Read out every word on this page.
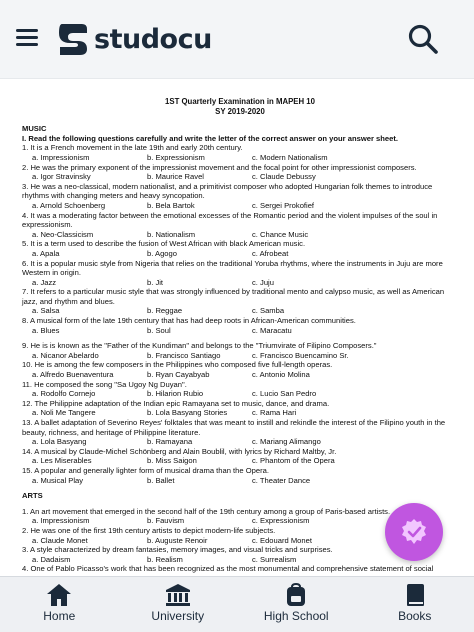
studocu
1ST Quarterly Examination in MAPEH 10
SY 2019-2020
MUSIC
I. Read the following questions carefully and write the letter of the correct answer on your answer sheet.
1. It is a French movement in the late 19th and early 20th century.
a. Impressionism	b. Expressionism	c. Modern Nationalism
2. He was the primary exponent of the impressionist movement and the focal point for other impressionist composers.
a. Igor Stravinsky	b. Maurice Ravel	c. Claude Debussy
3. He was a neo-classical, modern nationalist, and a primitivist composer who adopted Hungarian folk themes to introduce rhythms with changing meters and heavy syncopation.
a. Arnold Schoenberg	b. Bela Bartok	c. Sergei Prokofief
4. It was a moderating factor between the emotional excesses of the Romantic period and the violent impulses of the soul in expressionism.
a. Neo-Classicism	b. Nationalism	c. Chance Music
5. It is a term used to describe the fusion of West African with black American music.
a. Apala	b. Agogo	c. Afrobeat
6. It is a popular music style from Nigeria that relies on the traditional Yoruba rhythms, where the instruments in Juju are more Western in origin.
a. Jazz	b. Jit	c. Juju
7. It refers to a particular music style that was strongly influenced by traditional mento and calypso music, as well as American jazz, and rhythm and blues.
a. Salsa	b. Reggae	c. Samba
8. A musical form of the late 19th century that has had deep roots in African-American communities.
a. Blues	b. Soul	c. Maracatu
9. He is is known as the "Father of the Kundiman" and belongs to the "Triumvirate of Filipino Composers."
a. Nicanor Abelardo	b. Francisco Santiago	c. Francisco Buencamino Sr.
10. He is among the few composers in the Philippines who composed five full-length operas.
a. Alfredo Buenaventura	b. Ryan Cayabyab	c. Antonio Molina
11. He composed the song "Sa Ugoy Ng Duyan".
a. Rodolfo Cornejo	b. Hilarion Rubio	c. Lucio San Pedro
12. The Philippine adaptation of the Indian epic Ramayana set to music, dance, and drama.
a. Noli Me Tangere	b. Lola Basyang Stories	c. Rama Hari
13. A ballet adaptation of Severino Reyes' folktales that was meant to instill and rekindle the interest of the Filipino youth in the beauty, richness, and heritage of Philippine literature.
a. Lola Basyang	b. Ramayana	c. Mariang Alimango
14. A musical by Claude-Michel Schönberg and Alain Boublil, with lyrics by Richard Maltby, Jr.
a. Les Miserables	b. Miss Saigon	c. Phantom of the Opera
15. A popular and generally lighter form of musical drama than the Opera.
a. Musical Play	b. Ballet	c. Theater Dance
ARTS
1. An art movement that emerged in the second half of the 19th century among a group of Paris-based artists.
a. Impressionism	b. Fauvism	c. Expressionism
2. He was one of the first 19th century artists to depict modern-life subjects.
a. Claude Monet	b. Auguste Renoir	c. Edouard Monet
3. A style characterized by dream fantasies, memory images, and visual tricks and surprises.
a. Dadaism	b. Realism	c. Surrealism
4. One of Pablo Picasso's work that has been recognized as the most monumental and comprehensive statement of social
Home	University	High School	Books
